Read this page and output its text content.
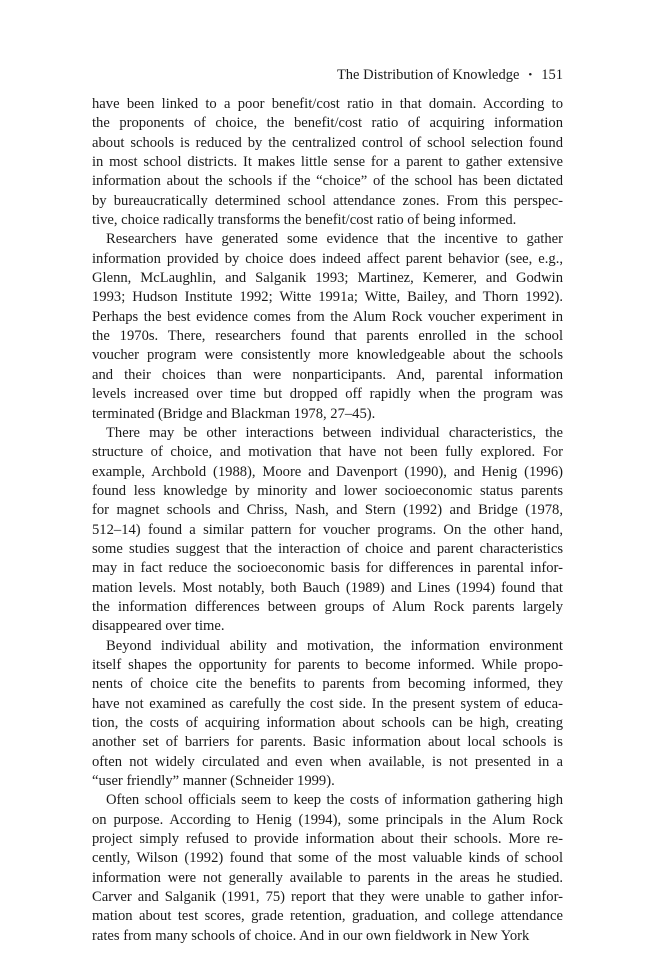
The Distribution of Knowledge • 151
have been linked to a poor benefit/cost ratio in that domain. According to
the proponents of choice, the benefit/cost ratio of acquiring information
about schools is reduced by the centralized control of school selection found
in most school districts. It makes little sense for a parent to gather extensive
information about the schools if the “choice” of the school has been dictated
by bureaucratically determined school attendance zones. From this perspec-
tive, choice radically transforms the benefit/cost ratio of being informed.
Researchers have generated some evidence that the incentive to gather
information provided by choice does indeed affect parent behavior (see, e.g.,
Glenn, McLaughlin, and Salganik 1993; Martinez, Kemerer, and Godwin
1993; Hudson Institute 1992; Witte 1991a; Witte, Bailey, and Thorn 1992).
Perhaps the best evidence comes from the Alum Rock voucher experiment in
the 1970s. There, researchers found that parents enrolled in the school
voucher program were consistently more knowledgeable about the schools
and their choices than were nonparticipants. And, parental information
levels increased over time but dropped off rapidly when the program was
terminated (Bridge and Blackman 1978, 27–45).
There may be other interactions between individual characteristics, the
structure of choice, and motivation that have not been fully explored. For
example, Archbold (1988), Moore and Davenport (1990), and Henig (1996)
found less knowledge by minority and lower socioeconomic status parents
for magnet schools and Chriss, Nash, and Stern (1992) and Bridge (1978,
512–14) found a similar pattern for voucher programs. On the other hand,
some studies suggest that the interaction of choice and parent characteristics
may in fact reduce the socioeconomic basis for differences in parental infor-
mation levels. Most notably, both Bauch (1989) and Lines (1994) found that
the information differences between groups of Alum Rock parents largely
disappeared over time.
Beyond individual ability and motivation, the information environment
itself shapes the opportunity for parents to become informed. While propo-
nents of choice cite the benefits to parents from becoming informed, they
have not examined as carefully the cost side. In the present system of educa-
tion, the costs of acquiring information about schools can be high, creating
another set of barriers for parents. Basic information about local schools is
often not widely circulated and even when available, is not presented in a
“user friendly” manner (Schneider 1999).
Often school officials seem to keep the costs of information gathering high
on purpose. According to Henig (1994), some principals in the Alum Rock
project simply refused to provide information about their schools. More re-
cently, Wilson (1992) found that some of the most valuable kinds of school
information were not generally available to parents in the areas he studied.
Carver and Salganik (1991, 75) report that they were unable to gather infor-
mation about test scores, grade retention, graduation, and college attendance
rates from many schools of choice. And in our own fieldwork in New York
